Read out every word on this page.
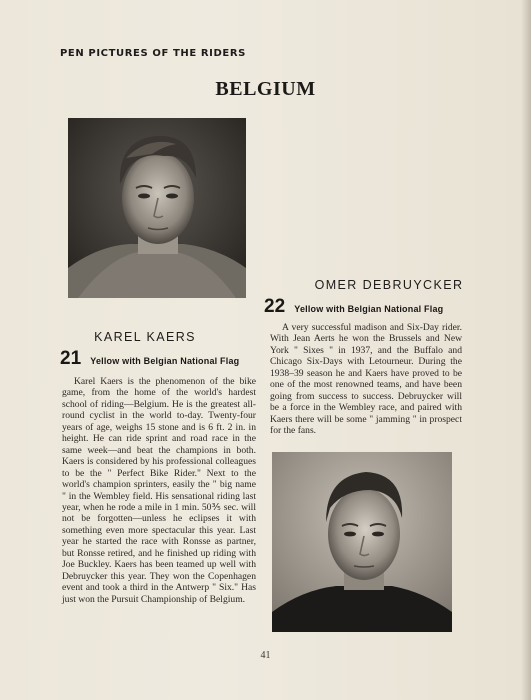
PEN PICTURES OF THE RIDERS
BELGIUM
KAREL KAERS
21 Yellow with Belgian National Flag

Karel Kaers is the phenomenon of the bike game, from the home of the world's hardest school of riding—Belgium. He is the greatest all-round cyclist in the world to-day. Twenty-four years of age, weighs 15 stone and is 6 ft. 2 in. in height. He can ride sprint and road race in the same week—and beat the champions in both. Kaers is considered by his professional colleagues to be the " Perfect Bike Rider." Next to the world's champion sprinters, easily the " big name " in the Wembley field. His sensational riding last year, when he rode a mile in 1 min. 50⅗ sec. will not be forgotten—unless he eclipses it with something even more spectacular this year. Last year he started the race with Ronsse as partner, but Ronsse retired, and he finished up riding with Joe Buckley. Kaers has been teamed up well with Debruycker this year. They won the Copenhagen event and took a third in the Antwerp " Six." Has just won the Pursuit Championship of Belgium.

OMER DEBRUYCKER
22 Yellow with Belgian National Flag

A very successful madison and Six-Day rider. With Jean Aerts he won the Brussels and New York " Sixes " in 1937, and the Buffalo and Chicago Six-Days with Letourneur. During the 1938–39 season he and Kaers have proved to be one of the most renowned teams, and have been going from success to success. Debruycker will be a force in the Wembley race, and paired with Kaers there will be some " jamming " in prospect for the fans.

41
